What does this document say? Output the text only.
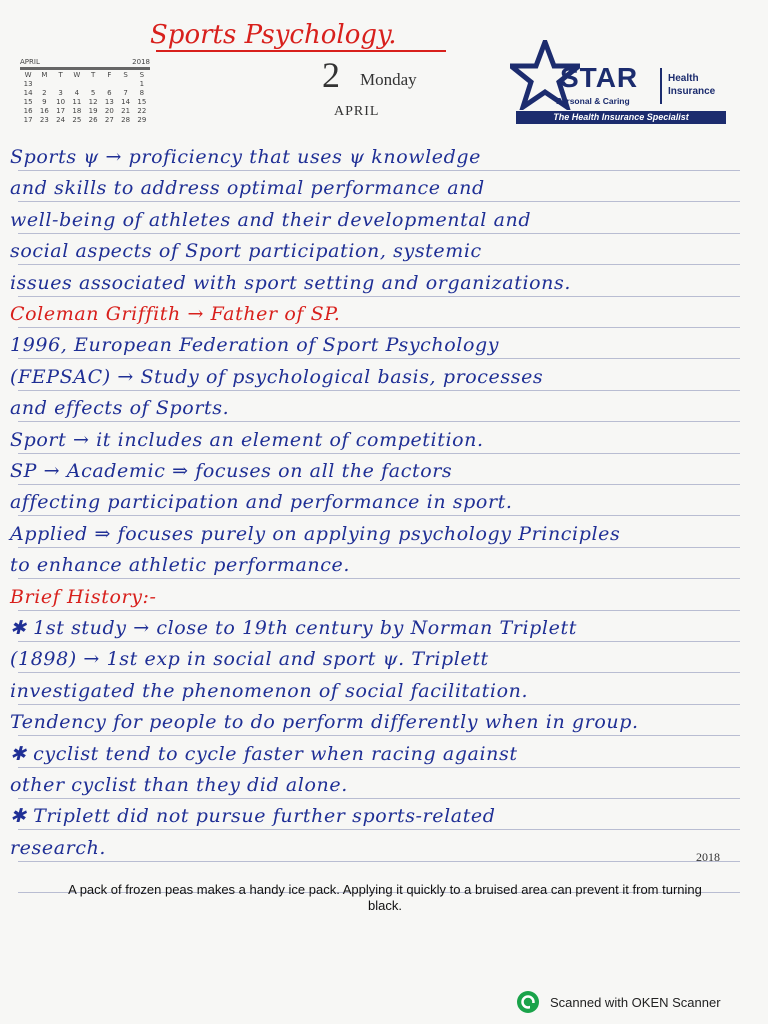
Sports Psychology.
APRIL	2018
W	M	T	W	T	F	S	S
13							1
14	2	3	4	5	6	7	8
15	9	10	11	12	13	14	15
16	16	17	18	19	20	21	22
17	23	24	25	26	27	28	29
2 Monday
APRIL
STAR	Health
Insurance
Personal & Caring
The Health Insurance Specialist
Sports ψ → proficiency that uses ψ knowledge
and skills to address optimal performance and
well-being of athletes and their developmental and
social aspects of Sport participation, systemic
issues associated with sport setting and organizations.
Coleman Griffith → Father of SP.
1996, European Federation of Sport Psychology
(FEPSAC) → Study of psychological basis, processes
and effects of Sports.
Sport → it includes an element of competition.
SP → Academic ⇒ focuses on all the factors
affecting participation and performance in sport.
Applied ⇒ focuses purely on applying psychology Principles
to enhance athletic performance.
Brief History:-
✱ 1st study → close to 19th century by Norman Triplett
(1898) → 1st exp in social and sport ψ. Triplett
investigated the phenomenon of social facilitation.
Tendency for people to do perform differently when in group.
✱ cyclist tend to cycle faster when racing against
other cyclist than they did alone.
✱ Triplett did not pursue further sports-related
research.	2018
A pack of frozen peas makes a handy ice pack. Applying it quickly to a bruised area can prevent it from turning black.
Scanned with OKEN Scanner
